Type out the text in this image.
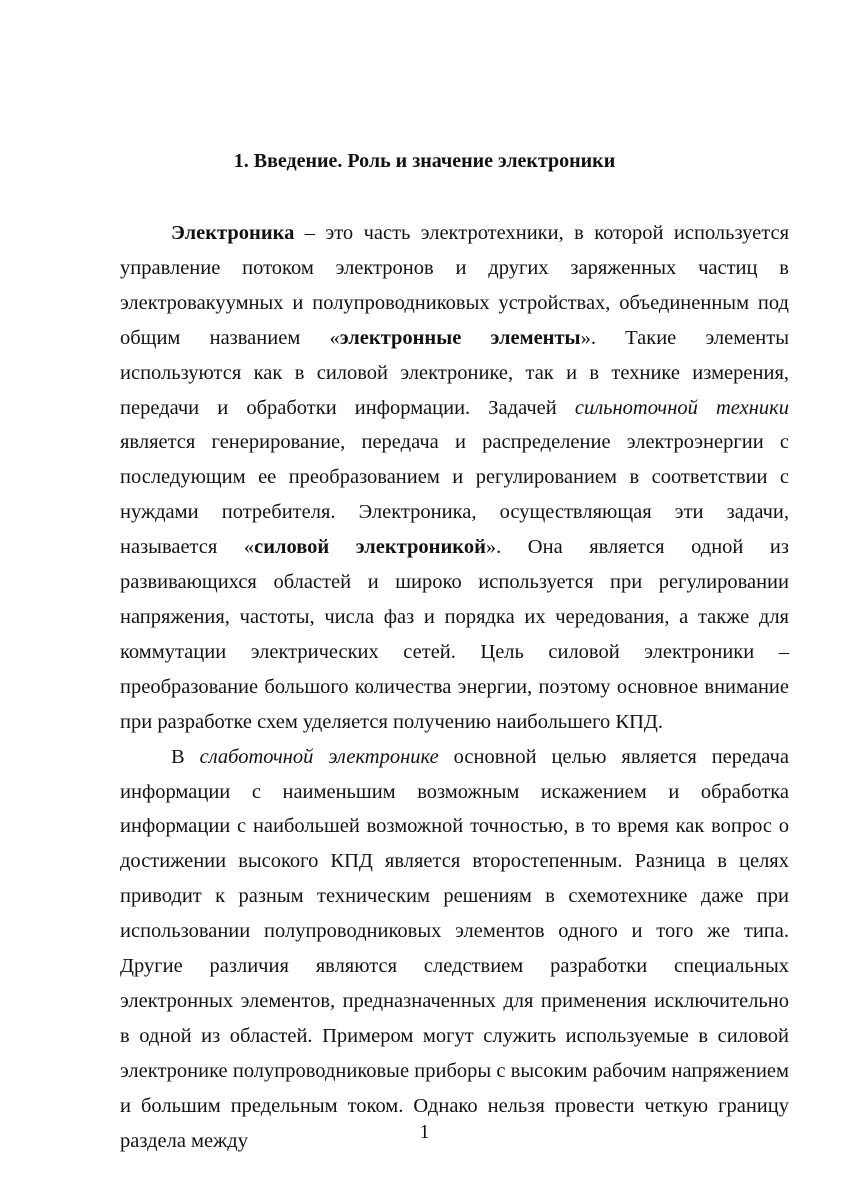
1. Введение. Роль и значение электроники

Электроника – это часть электротехники, в которой используется управление потоком электронов и других заряженных частиц в электровакуумных и полупроводниковых устройствах, объединенным под общим названием «электронные элементы». Такие элементы используются как в силовой электронике, так и в технике измерения, передачи и обработки информации. Задачей сильноточной техники является генерирование, передача и распределение электроэнергии с последующим ее преобразованием и регулированием в соответствии с нуждами потребителя. Электроника, осуществляющая эти задачи, называется «силовой электроникой». Она является одной из развивающихся областей и широко используется при регулировании напряжения, частоты, числа фаз и порядка их чередования, а также для коммутации электрических сетей. Цель силовой электроники – преобразование большого количества энергии, поэтому основное внимание при разработке схем уделяется получению наибольшего КПД.

В слаботочной электронике основной целью является передача информации с наименьшим возможным искажением и обработка информации с наибольшей возможной точностью, в то время как вопрос о достижении высокого КПД является второстепенным. Разница в целях приводит к разным техническим решениям в схемотехнике даже при использовании полупроводниковых элементов одного и того же типа. Другие различия являются следствием разработки специальных электронных элементов, предназначенных для применения исключительно в одной из областей. Примером могут служить используемые в силовой электронике полупроводниковые приборы с высоким рабочим напряжением и большим предельным током. Однако нельзя провести четкую границу раздела между	1
